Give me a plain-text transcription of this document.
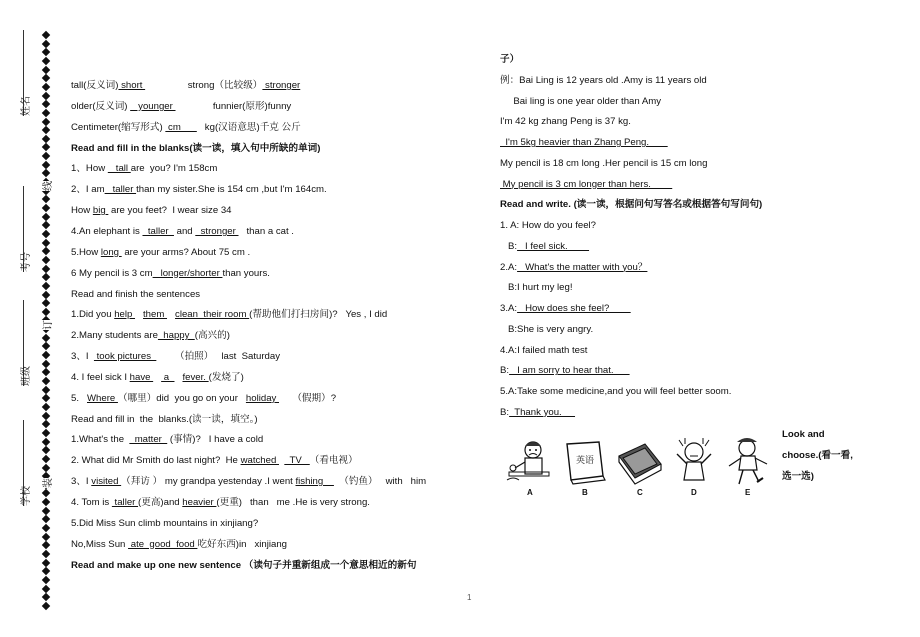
姓名
考号
班级
学校
线
订
装
tall(反义词) short                 strong（比较级） stronger
older(反义词)    younger               funnier(原形)funny
Centimeter(缩写形式)  cm         kg(汉语意思)千克 公斤
Read and fill in the blanks(读一读，填入句中所缺的单词)
1、How    tall are  you? I'm 158cm
2、I am   taller than my sister.She is 154 cm ,but I'm 164cm.
How big  are you feet?  I wear size 34
4.An elephant is   taller   and   stronger    than a cat .
5.How long  are your arms? About 75 cm .
6 My pencil is 3 cm   longer/shorter than yours.
Read and finish the sentences
1.Did you help    them    clean  their room (帮助他们打扫房间)?   Yes , I did
2.Many students are  happy  (高兴的)
3、I   took pictures         （拍照）   last  Saturday
4. I feel sick I have     a     fever. (发烧了)
5.   Where （哪里）did  you go on your   holiday      （假期）?
Read and fill in  the  blanks.(读一读，填空。)
1.What's the    matter   (事情)?   I have a cold
2. What did Mr Smith do last night?  He watched     TV   （看电视）
3、I visited （拜访 ） my grandpa yestenday .I went fishing      （钓鱼）   with   him
4. Tom is  taller (更高)and heavier (更重)   than   me .He is very strong.
5.Did Miss Sun climb mountains in xinjiang?
No,Miss Sun  ate  good  food 吃好东西)in   xinjiang
Read and make up one new sentence （读句子并重新组成一个意思相近的新句
子）
例：Bai Ling is 12 years old .Amy is 11 years old
Bai ling is one year older than Amy
I'm 42 kg zhang Peng is 37 kg.
I'm 5kg heavier than Zhang Peng.
My pencil is 18 cm long .Her pencil is 15 cm long
My pencil is 3 cm longer than hers.
Read and write. (读一读，根据问句写答名或根据答句写问句)
1. A: How do you feel?
B:   I feel sick.
2.A:   What's the matter with you？
B:I hurt my leg!
3.A:   How does she feel?
B:She is very angry.
4.A:I failed math test
B:   I am sorry to hear that.
5.A:Take some medicine,and you will feel better soom.
B:  Thank you.
Look and
choose.(看一看,
选一选)
英语
A	B	C	D	E
1
